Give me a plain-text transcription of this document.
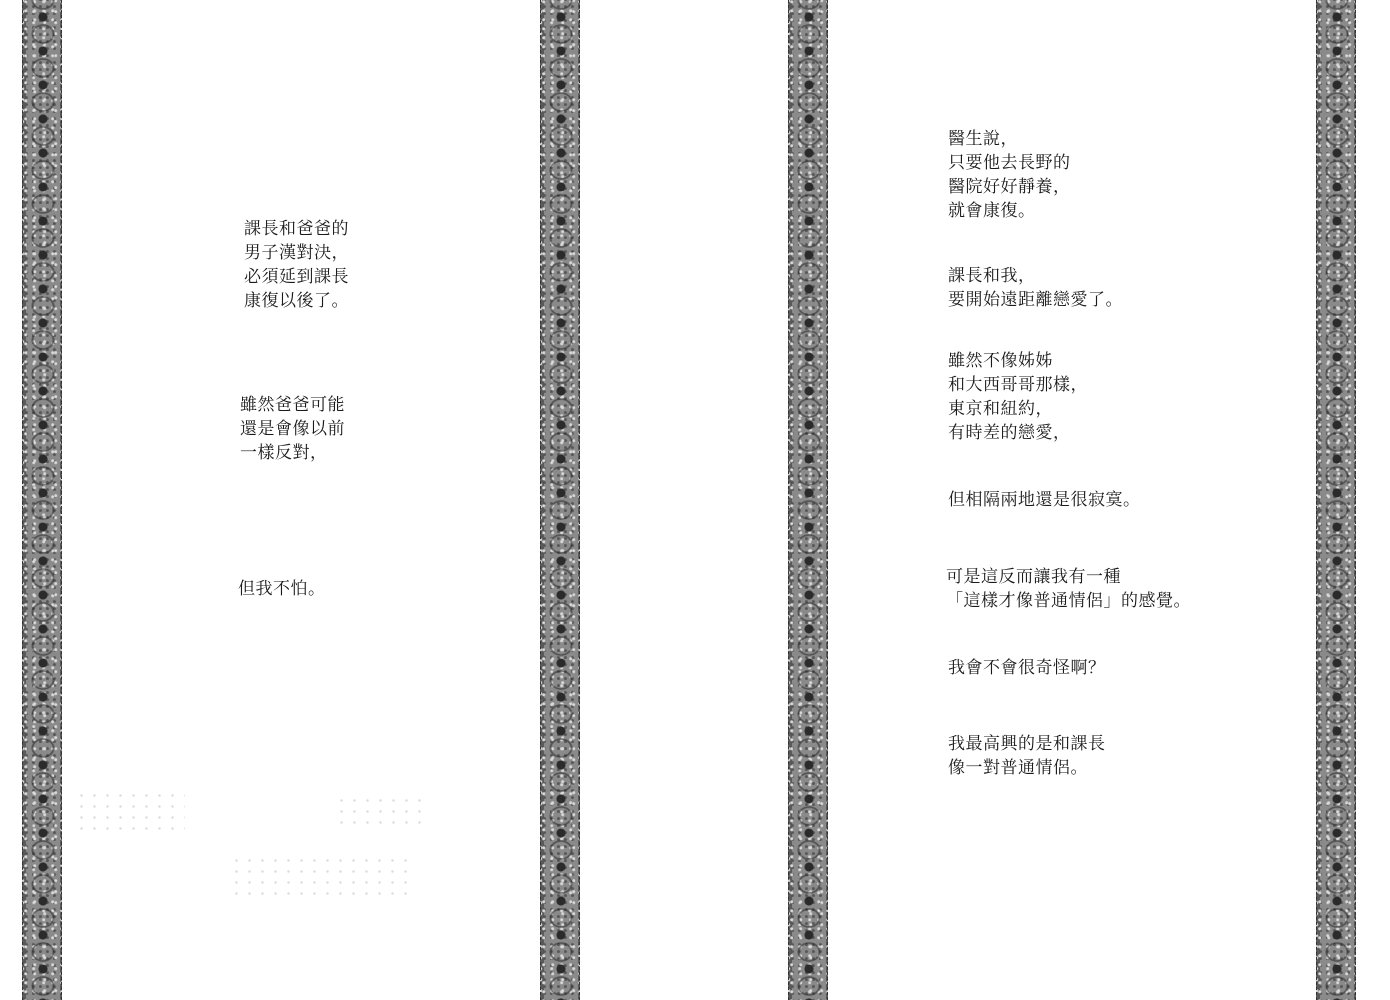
課長和爸爸的
男子漢對決，
必須延到課長
康復以後了。
雖然爸爸可能
還是會像以前
一樣反對，
但我不怕。
醫生說，
只要他去長野的
醫院好好靜養，
就會康復。
課長和我，
要開始遠距離戀愛了。
雖然不像姊姊
和大西哥哥那樣，
東京和紐約，
有時差的戀愛，
但相隔兩地還是很寂寞。
可是這反而讓我有一種
「這樣才像普通情侶」的感覺。
我會不會很奇怪啊？
我最高興的是和課長
像一對普通情侶。
